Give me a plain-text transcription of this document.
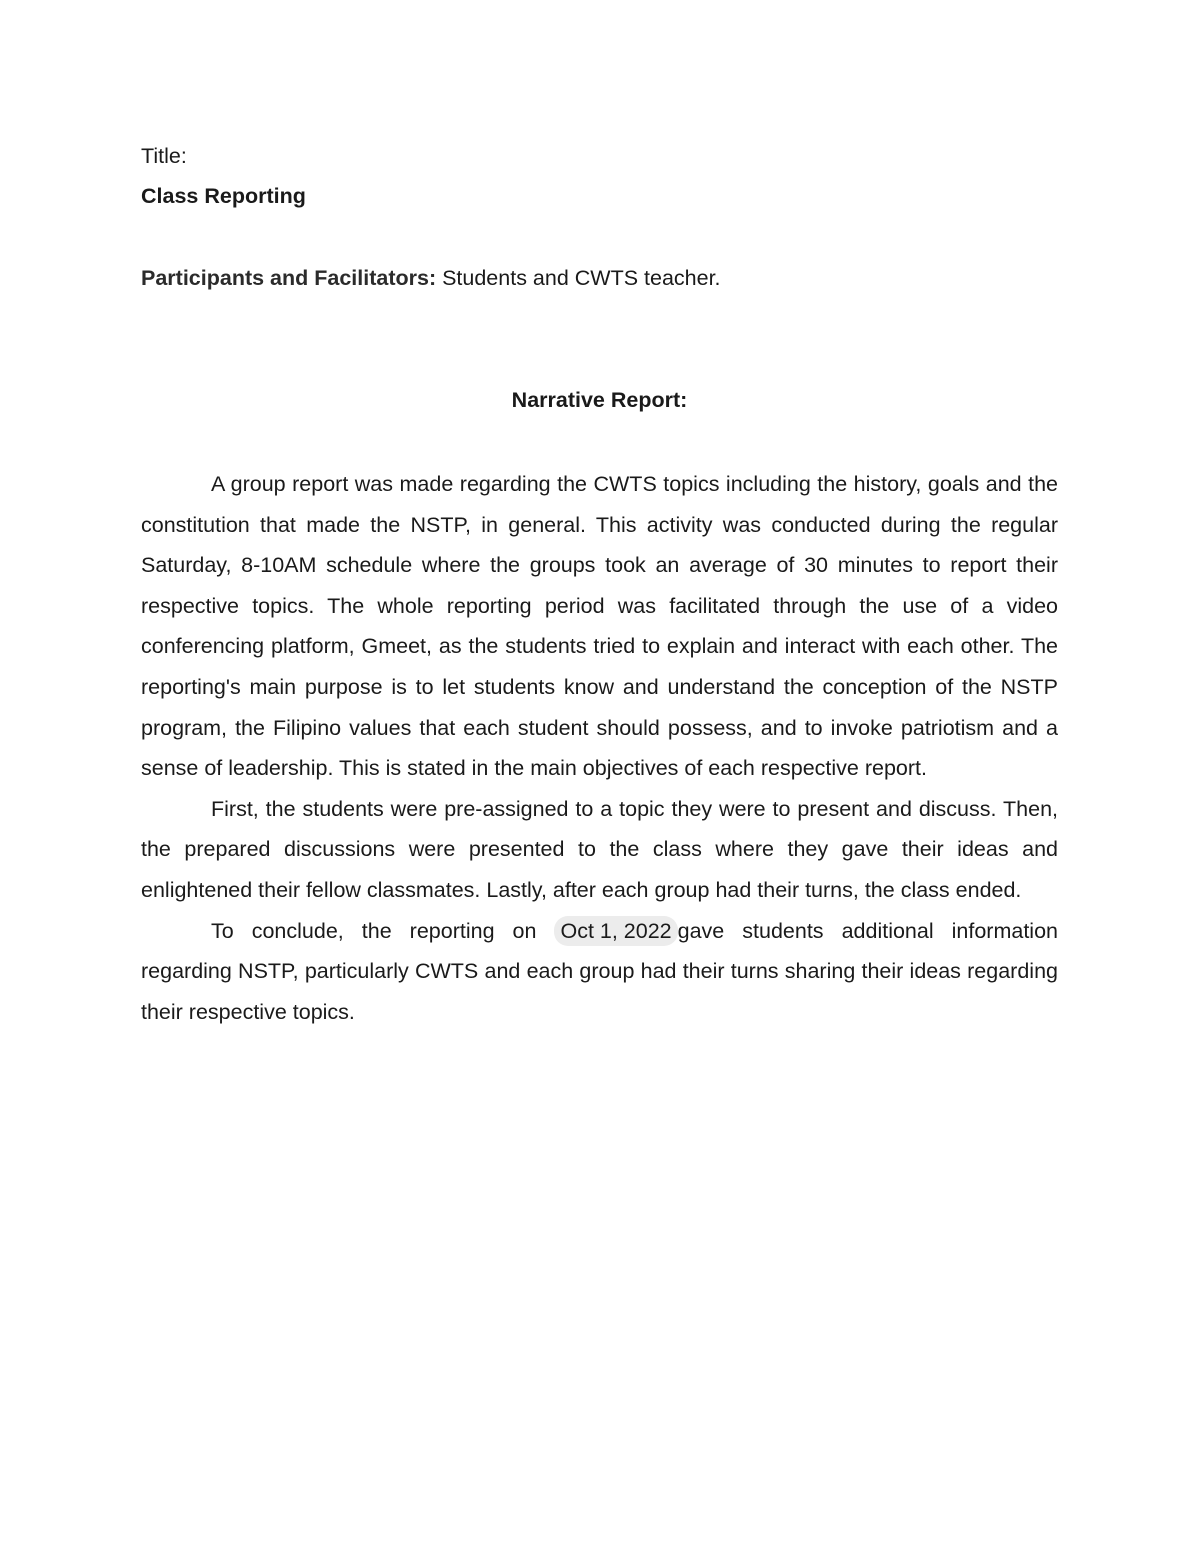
Title:

Class Reporting

Participants and Facilitators: Students and CWTS teacher.

Narrative Report:

A group report was made regarding the CWTS topics including the history, goals and the constitution that made the NSTP, in general. This activity was conducted during the regular Saturday, 8-10AM schedule where the groups took an average of 30 minutes to report their respective topics. The whole reporting period was facilitated through the use of a video conferencing platform, Gmeet, as the students tried to explain and interact with each other. The reporting's main purpose is to let students know and understand the conception of the NSTP program, the Filipino values that each student should possess, and to invoke patriotism and a sense of leadership. This is stated in the main objectives of each respective report.

First, the students were pre-assigned to a topic they were to present and discuss. Then, the prepared discussions were presented to the class where they gave their ideas and enlightened their fellow classmates. Lastly, after each group had their turns, the class ended.

To conclude, the reporting on Oct 1, 2022 gave students additional information regarding NSTP, particularly CWTS and each group had their turns sharing their ideas regarding their respective topics.
